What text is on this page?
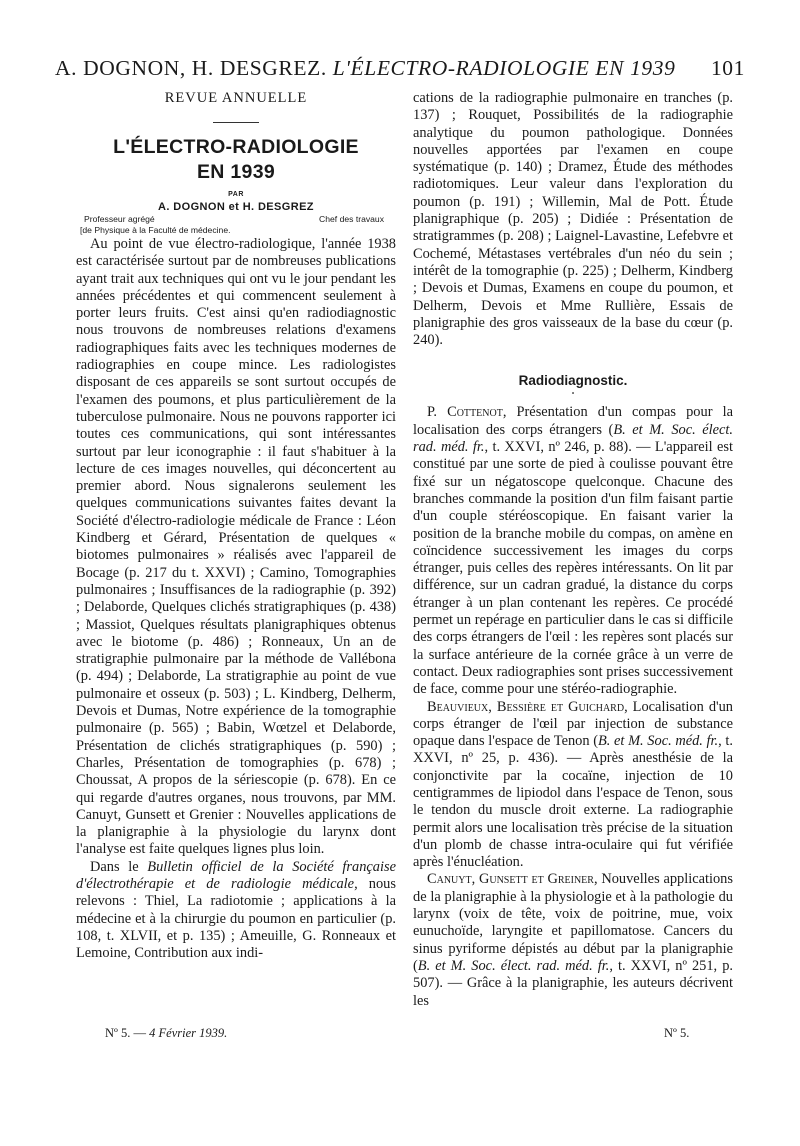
A. DOGNON, H. DESGREZ. L'ÉLECTRO-RADIOLOGIE EN 1939 101
REVUE ANNUELLE
L'ÉLECTRO-RADIOLOGIE
EN 1939
PAR
A. DOGNON et H. DESGREZ
Professeur agrégé	Chef des travaux
[de Physique à la Faculté de médecine.

Au point de vue électro-radiologique, l'année 1938 est caractérisée surtout par de nombreuses publications ayant trait aux techniques qui ont vu le jour pendant les années précédentes et qui commencent seulement à porter leurs fruits. C'est ainsi qu'en radiodiagnostic nous trouvons de nombreuses relations d'examens radiographiques faits avec les techniques modernes de radiographies en coupe mince. Les radiologistes disposant de ces appareils se sont surtout occupés de l'examen des poumons, et plus particulièrement de la tuberculose pulmonaire. Nous ne pouvons rapporter ici toutes ces communications, qui sont intéressantes surtout par leur iconographie : il faut s'habituer à la lecture de ces images nouvelles, qui déconcertent au premier abord. Nous signalerons seulement les quelques communications suivantes faites devant la Société d'électro-radiologie médicale de France : Léon Kindberg et Gérard, Présentation de quelques « biotomes pulmonaires » réalisés avec l'appareil de Bocage (p. 217 du t. XXVI) ; Camino, Tomographies pulmonaires ; Insuffisances de la radiographie (p. 392) ; Delaborde, Quelques clichés stratigraphiques (p. 438) ; Massiot, Quelques résultats planigraphiques obtenus avec le biotome (p. 486) ; Ronneaux, Un an de stratigraphie pulmonaire par la méthode de Vallébona (p. 494) ; Delaborde, La stratigraphie au point de vue pulmonaire et osseux (p. 503) ; L. Kindberg, Delherm, Devois et Dumas, Notre expérience de la tomographie pulmonaire (p. 565) ; Babin, Wœtzel et Delaborde, Présentation de clichés stratigraphiques (p. 590) ; Charles, Présentation de tomographies (p. 678) ; Choussat, A propos de la sériescopie (p. 678). En ce qui regarde d'autres organes, nous trouvons, par MM. Canuyt, Gunsett et Grenier : Nouvelles applications de la planigraphie à la physiologie du larynx dont l'analyse est faite quelques lignes plus loin.

Dans le Bulletin officiel de la Société française d'électrothérapie et de radiologie médicale, nous relevons : Thiel, La radiotomie ; applications à la médecine et à la chirurgie du poumon en particulier (p. 108, t. XLVII, et p. 135) ; Ameuille, G. Ronneaux et Lemoine, Contribution aux indi-

cations de la radiographie pulmonaire en tranches (p. 137) ; Rouquet, Possibilités de la radiographie analytique du poumon pathologique. Données nouvelles apportées par l'examen en coupe systématique (p. 140) ; Dramez, Étude des méthodes radiotomiques. Leur valeur dans l'exploration du poumon (p. 191) ; Willemin, Mal de Pott. Étude planigraphique (p. 205) ; Didiée : Présentation de stratigrammes (p. 208) ; Laignel-Lavastine, Lefebvre et Cochemé, Métastases vertébrales d'un néo du sein ; intérêt de la tomographie (p. 225) ; Delherm, Kindberg ; Devois et Dumas, Examens en coupe du poumon, et Delherm, Devois et Mme Rullière, Essais de planigraphie des gros vaisseaux de la base du cœur (p. 240).

Radiodiagnostic.
•

P. Cottenot, Présentation d'un compas pour la localisation des corps étrangers (B. et M. Soc. élect. rad. méd. fr., t. XXVI, nº 246, p. 88). — L'appareil est constitué par une sorte de pied à coulisse pouvant être fixé sur un négatoscope quelconque. Chacune des branches commande la position d'un film faisant partie d'un couple stéréoscopique. En faisant varier la position de la branche mobile du compas, on amène en coïncidence successivement les images du corps étranger, puis celles des repères intéressants. On lit par différence, sur un cadran gradué, la distance du corps étranger à un plan contenant les repères. Ce procédé permet un repérage en particulier dans le cas si difficile des corps étrangers de l'œil : les repères sont placés sur la surface antérieure de la cornée grâce à un verre de contact. Deux radiographies sont prises successivement de face, comme pour une stéréo-radiographie.

Beauvieux, Bessière et Guichard, Localisation d'un corps étranger de l'œil par injection de substance opaque dans l'espace de Tenon (B. et M. Soc. méd. fr., t. XXVI, nº 25, p. 436). — Après anesthésie de la conjonctivite par la cocaïne, injection de 10 centigrammes de lipiodol dans l'espace de Tenon, sous le tendon du muscle droit externe. La radiographie permit alors une localisation très précise de la situation d'un plomb de chasse intra-oculaire qui fut vérifiée après l'énucléation.

Canuyt, Gunsett et Greiner, Nouvelles applications de la planigraphie à la physiologie et à la pathologie du larynx (voix de tête, voix de poitrine, mue, voix eunuchoïde, laryngite et papillomatose. Cancers du sinus pyriforme dépistés au début par la planigraphie (B. et M. Soc. élect. rad. méd. fr., t. XXVI, nº 251, p. 507). — Grâce à la planigraphie, les auteurs décrivent les

Nº 5. — 4 Février 1939.	Nº 5.
